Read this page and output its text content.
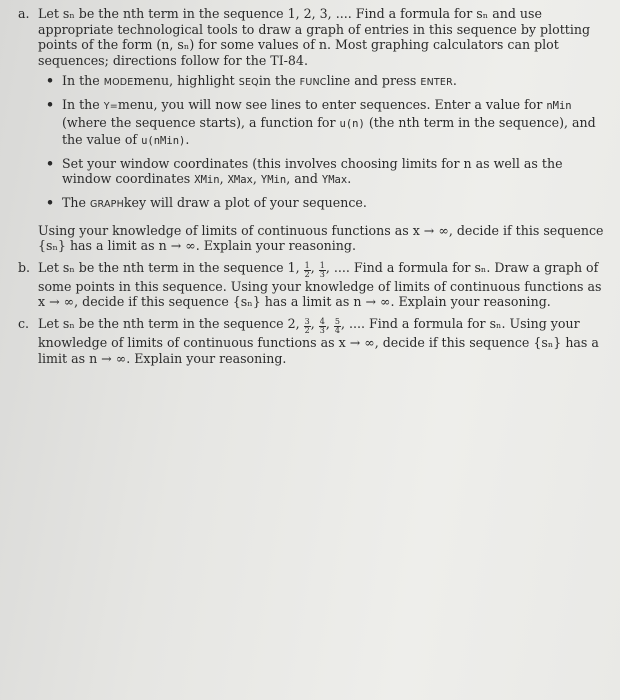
a. Let sₙ be the nth term in the sequence 1, 2, 3, .... Find a formula for sₙ and use appropriate technological tools to draw a graph of entries in this sequence by plotting points of the form (n, sₙ) for some values of n. Most graphing calculators can plot sequences; directions follow for the TI-84.
• In the MODEmenu, highlight SEQin the FUNCline and press ENTER.
• In the Y=menu, you will now see lines to enter sequences. Enter a value for nMin (where the sequence starts), a function for u(n) (the nth term in the sequence), and the value of u(nMin).
• Set your window coordinates (this involves choosing limits for n as well as the window coordinates XMin, XMax, YMin, and YMax.
• The GRAPHkey will draw a plot of your sequence.
Using your knowledge of limits of continuous functions as x → ∞, decide if this sequence {sₙ} has a limit as n → ∞. Explain your reasoning.
b. Let sₙ be the nth term in the sequence 1, $\frac{1}{2}$ , $\frac{1}{3}$ , .... Find a formula for sₙ. Draw a graph of some points in this sequence. Using your knowledge of limits of continuous functions as x → ∞, decide if this sequence {sₙ} has a limit as n → ∞. Explain your reasoning.
c. Let sₙ be the nth term in the sequence 2, $\frac{3}{2}$ , $\frac{4}{3}$ , $\frac{5}{4}$ , .... Find a formula for sₙ. Using your knowledge of limits of continuous functions as x → ∞, decide if this sequence {sₙ} has a limit as n → ∞. Explain your reasoning.
